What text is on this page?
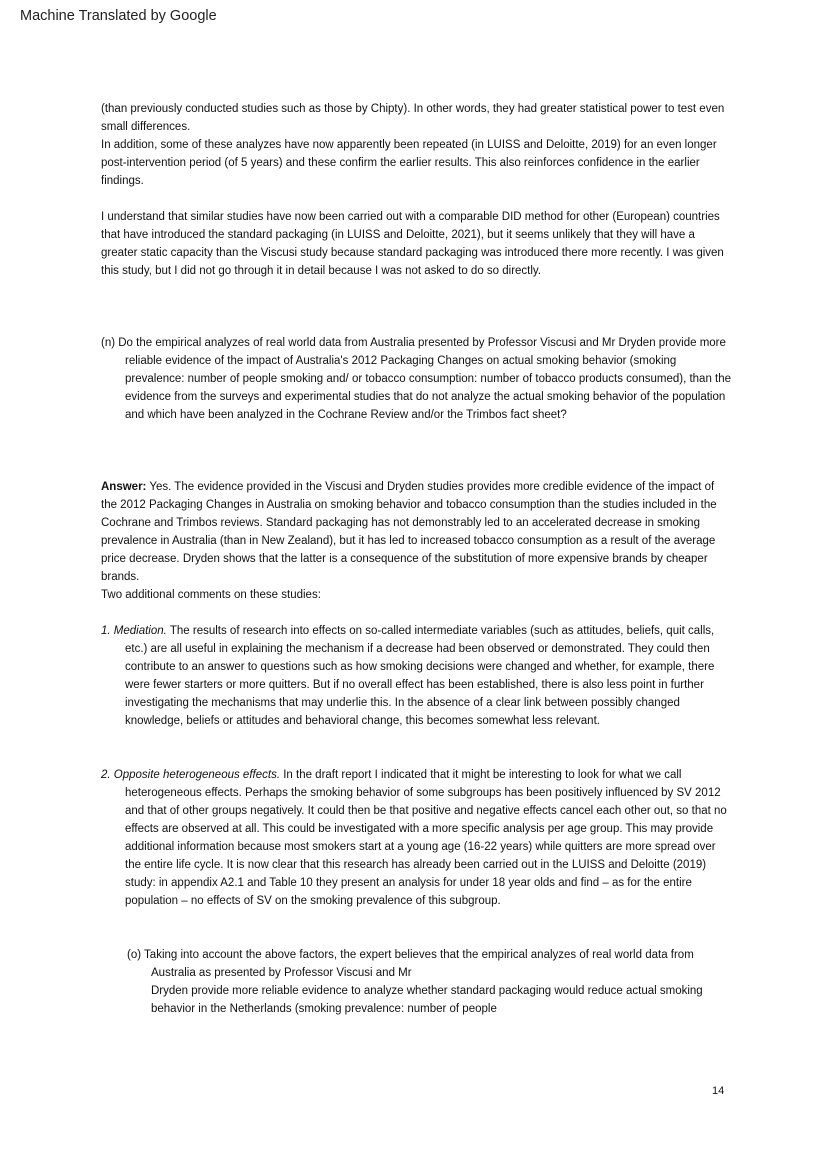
Machine Translated by Google

(than previously conducted studies such as those by Chipty). In other words, they had greater statistical power to test even small differences.

In addition, some of these analyzes have now apparently been repeated (in LUISS and Deloitte, 2019) for an even longer post-intervention period (of 5 years) and these confirm the earlier results. This also reinforces confidence in the earlier findings.

I understand that similar studies have now been carried out with a comparable DID method for other (European) countries that have introduced the standard packaging (in LUISS and Deloitte, 2021), but it seems unlikely that they will have a greater static capacity than the Viscusi study because standard packaging was introduced there more recently. I was given this study, but I did not go through it in detail because I was not asked to do so directly.

(n) Do the empirical analyzes of real world data from Australia presented by Professor Viscusi and Mr Dryden provide more reliable evidence of the impact of Australia's 2012 Packaging Changes on actual smoking behavior (smoking prevalence: number of people smoking and/ or tobacco consumption: number of tobacco products consumed), than the evidence from the surveys and experimental studies that do not analyze the actual smoking behavior of the population and which have been analyzed in the Cochrane Review and/or the Trimbos fact sheet?

Answer: Yes. The evidence provided in the Viscusi and Dryden studies provides more credible evidence of the impact of the 2012 Packaging Changes in Australia on smoking behavior and tobacco consumption than the studies included in the Cochrane and Trimbos reviews. Standard packaging has not demonstrably led to an accelerated decrease in smoking prevalence in Australia (than in New Zealand), but it has led to increased tobacco consumption as a result of the average price decrease. Dryden shows that the latter is a consequence of the substitution of more expensive brands by cheaper brands.

Two additional comments on these studies:

1. Mediation. The results of research into effects on so-called intermediate variables (such as attitudes, beliefs, quit calls, etc.) are all useful in explaining the mechanism if a decrease had been observed or demonstrated. They could then contribute to an answer to questions such as how smoking decisions were changed and whether, for example, there were fewer starters or more quitters. But if no overall effect has been established, there is also less point in further investigating the mechanisms that may underlie this. In the absence of a clear link between possibly changed knowledge, beliefs or attitudes and behavioral change, this becomes somewhat less relevant.

2. Opposite heterogeneous effects. In the draft report I indicated that it might be interesting to look for what we call heterogeneous effects. Perhaps the smoking behavior of some subgroups has been positively influenced by SV 2012 and that of other groups negatively. It could then be that positive and negative effects cancel each other out, so that no effects are observed at all. This could be investigated with a more specific analysis per age group. This may provide additional information because most smokers start at a young age (16-22 years) while quitters are more spread over the entire life cycle. It is now clear that this research has already been carried out in the LUISS and Deloitte (2019) study: in appendix A2.1 and Table 10 they present an analysis for under 18 year olds and find – as for the entire population – no effects of SV on the smoking prevalence of this subgroup.

(o) Taking into account the above factors, the expert believes that the empirical analyzes of real world data from Australia as presented by Professor Viscusi and Mr

Dryden provide more reliable evidence to analyze whether standard packaging would reduce actual smoking behavior in the Netherlands (smoking prevalence: number of people

14
